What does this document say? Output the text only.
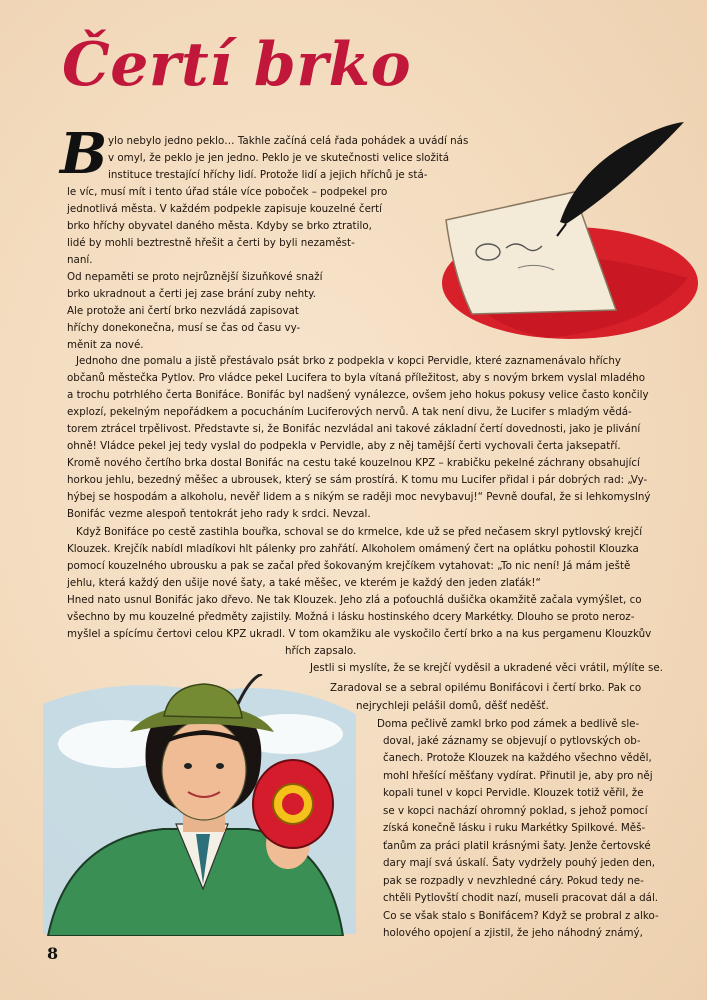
Čertí brko
B ylo nebylo jedno peklo… Takhle začíná celá řada pohádek a uvádí nás
v omyl, že peklo je jen jedno. Peklo je ve skutečnosti velice složitá
instituce trestající hříchy lidí. Protože lidí a jejich hříchů je stá-
le víc, musí mít i tento úřad stále více poboček – podpekel pro
jednotlivá města. V každém podpekle zapisuje kouzelné čertí
brko hříchy obyvatel daného města. Kdyby se brko ztratilo,
lidé by mohli beztrestně hřešit a čerti by byli nezaměst-
naní.
Od nepaměti se proto nejrůznější šizuňkové snaží
brko ukradnout a čerti jej zase brání zuby nehty.
Ale protože ani čertí brko nezvládá zapisovat
hříchy donekonečna, musí se čas od času vy-
měnit za nové.
Jednoho dne pomalu a jistě přestávalo psát brko z podpekla v kopci Pervidle, které zaznamenávalo hříchy
občanů městečka Pytlov. Pro vládce pekel Lucifera to byla vítaná příležitost, aby s novým brkem vyslal mladého
a trochu potrhlého čerta Bonifáce. Bonifác byl nadšený vynálezce, ovšem jeho hokus pokusy velice často končily
explozí, pekelným nepořádkem a pocucháním Luciferových nervů. A tak není divu, že Lucifer s mladým vědá-
torem ztrácel trpělivost. Představte si, že Bonifác nezvládal ani takové základní čertí dovednosti, jako je plivání
ohně! Vládce pekel jej tedy vyslal do podpekla v Pervidle, aby z něj tamější čerti vychovali čerta jaksepatří.
Kromě nového čertího brka dostal Bonifác na cestu také kouzelnou KPZ – krabičku pekelné záchrany obsahující
horkou jehlu, bezedný měšec a ubrousek, který se sám prostírá. K tomu mu Lucifer přidal i pár dobrých rad: „Vy-
hýbej se hospodám a alkoholu, nevěř lidem a s nikým se raději moc nevybavuj!“ Pevně doufal, že si lehkomyslný
Bonifác vezme alespoň tentokrát jeho rady k srdci. Nevzal.
Když Bonifáce po cestě zastihla bouřka, schoval se do krmelce, kde už se před nečasem skryl pytlovský krejčí
Klouzek. Krejčík nabídl mladíkovi hlt pálenky pro zahřátí. Alkoholem omámený čert na oplátku pohostil Klouzka
pomocí kouzelného ubrousku a pak se začal před šokovaným krejčíkem vytahovat: „To nic není! Já mám ještě
jehlu, která každý den ušije nové šaty, a také měšec, ve kterém je každý den jeden zlaťák!“
Hned nato usnul Bonifác jako dřevo. Ne tak Klouzek. Jeho zlá a poťouchlá dušička okamžitě začala vymýšlet, co
všechno by mu kouzelné předměty zajistily. Možná i lásku hostinského dcery Markétky. Dlouho se proto neroz-
myšlel a spícímu čertovi celou KPZ ukradl. V tom okamžiku ale vyskočilo čertí brko a na kus pergamenu Klouzkův
hřích zapsalo.
Jestli si myslíte, že se krejčí vyděsil a ukradené věci vrátil, mýlíte se.
Zaradoval se a sebral opilému Bonifácovi i čertí brko. Pak co
nejrychleji pelášil domů, děšť neděšť.
Doma pečlivě zamkl brko pod zámek a bedlivě sle-
doval, jaké záznamy se objevují o pytlovských ob-
čanech. Protože Klouzek na každého všechno věděl,
mohl hřešící měšťany vydírat. Přinutil je, aby pro něj
kopali tunel v kopci Pervidle. Klouzek totiž věřil, že
se v kopci nachází ohromný poklad, s jehož pomocí
získá konečně lásku i ruku Markétky Spilkové. Měš-
ťanům za práci platil krásnými šaty. Jenže čertovské
dary mají svá úskalí. Šaty vydržely pouhý jeden den,
pak se rozpadly v nevzhledné cáry. Pokud tedy ne-
chtěli Pytlovští chodit nazí, museli pracovat dál a dál.
Co se však stalo s Bonifácem? Když se probral z alko-
holového opojení a zjistil, že jeho náhodný známý,
8
